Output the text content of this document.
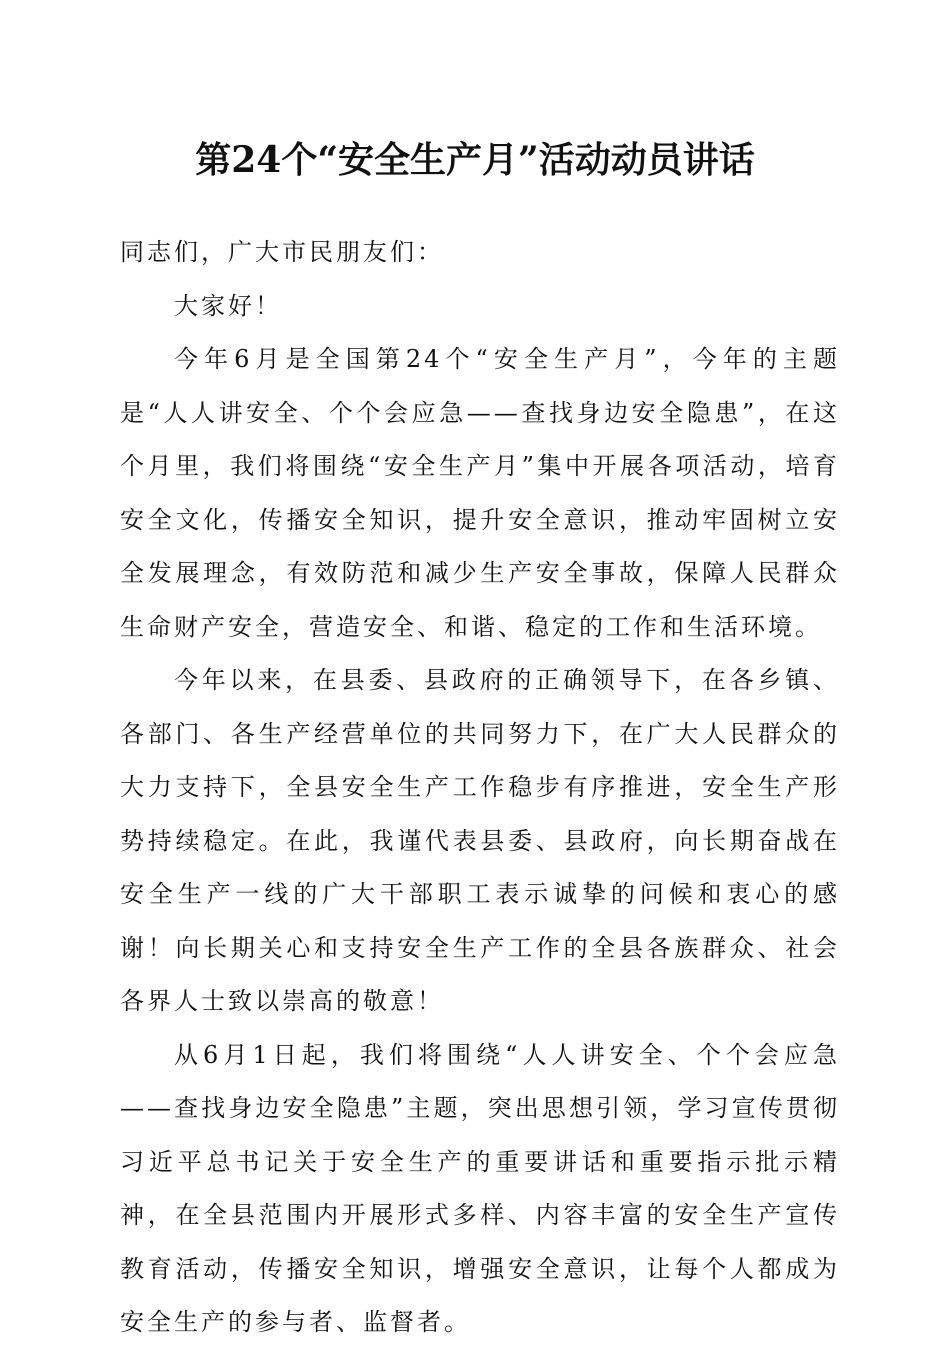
第24个“安全生产月”活动动员讲话

同志们，广大市民朋友们：

大家好！

今年6月是全国第24个“安全生产月”，今年的主题是“人人讲安全、个个会应急——查找身边安全隐患”，在这个月里，我们将围绕“安全生产月”集中开展各项活动，培育安全文化，传播安全知识，提升安全意识，推动牢固树立安全发展理念，有效防范和减少生产安全事故，保障人民群众生命财产安全，营造安全、和谐、稳定的工作和生活环境。

今年以来，在县委、县政府的正确领导下，在各乡镇、各部门、各生产经营单位的共同努力下，在广大人民群众的大力支持下，全县安全生产工作稳步有序推进，安全生产形势持续稳定。在此，我谨代表县委、县政府，向长期奋战在安全生产一线的广大干部职工表示诚挚的问候和衷心的感谢！向长期关心和支持安全生产工作的全县各族群众、社会各界人士致以崇高的敬意！

从6月1日起，我们将围绕“人人讲安全、个个会应急——查找身边安全隐患”主题，突出思想引领，学习宣传贯彻习近平总书记关于安全生产的重要讲话和重要指示批示精神，在全县范围内开展形式多样、内容丰富的安全生产宣传教育活动，传播安全知识，增强安全意识，让每个人都成为安全生产的参与者、监督者。
